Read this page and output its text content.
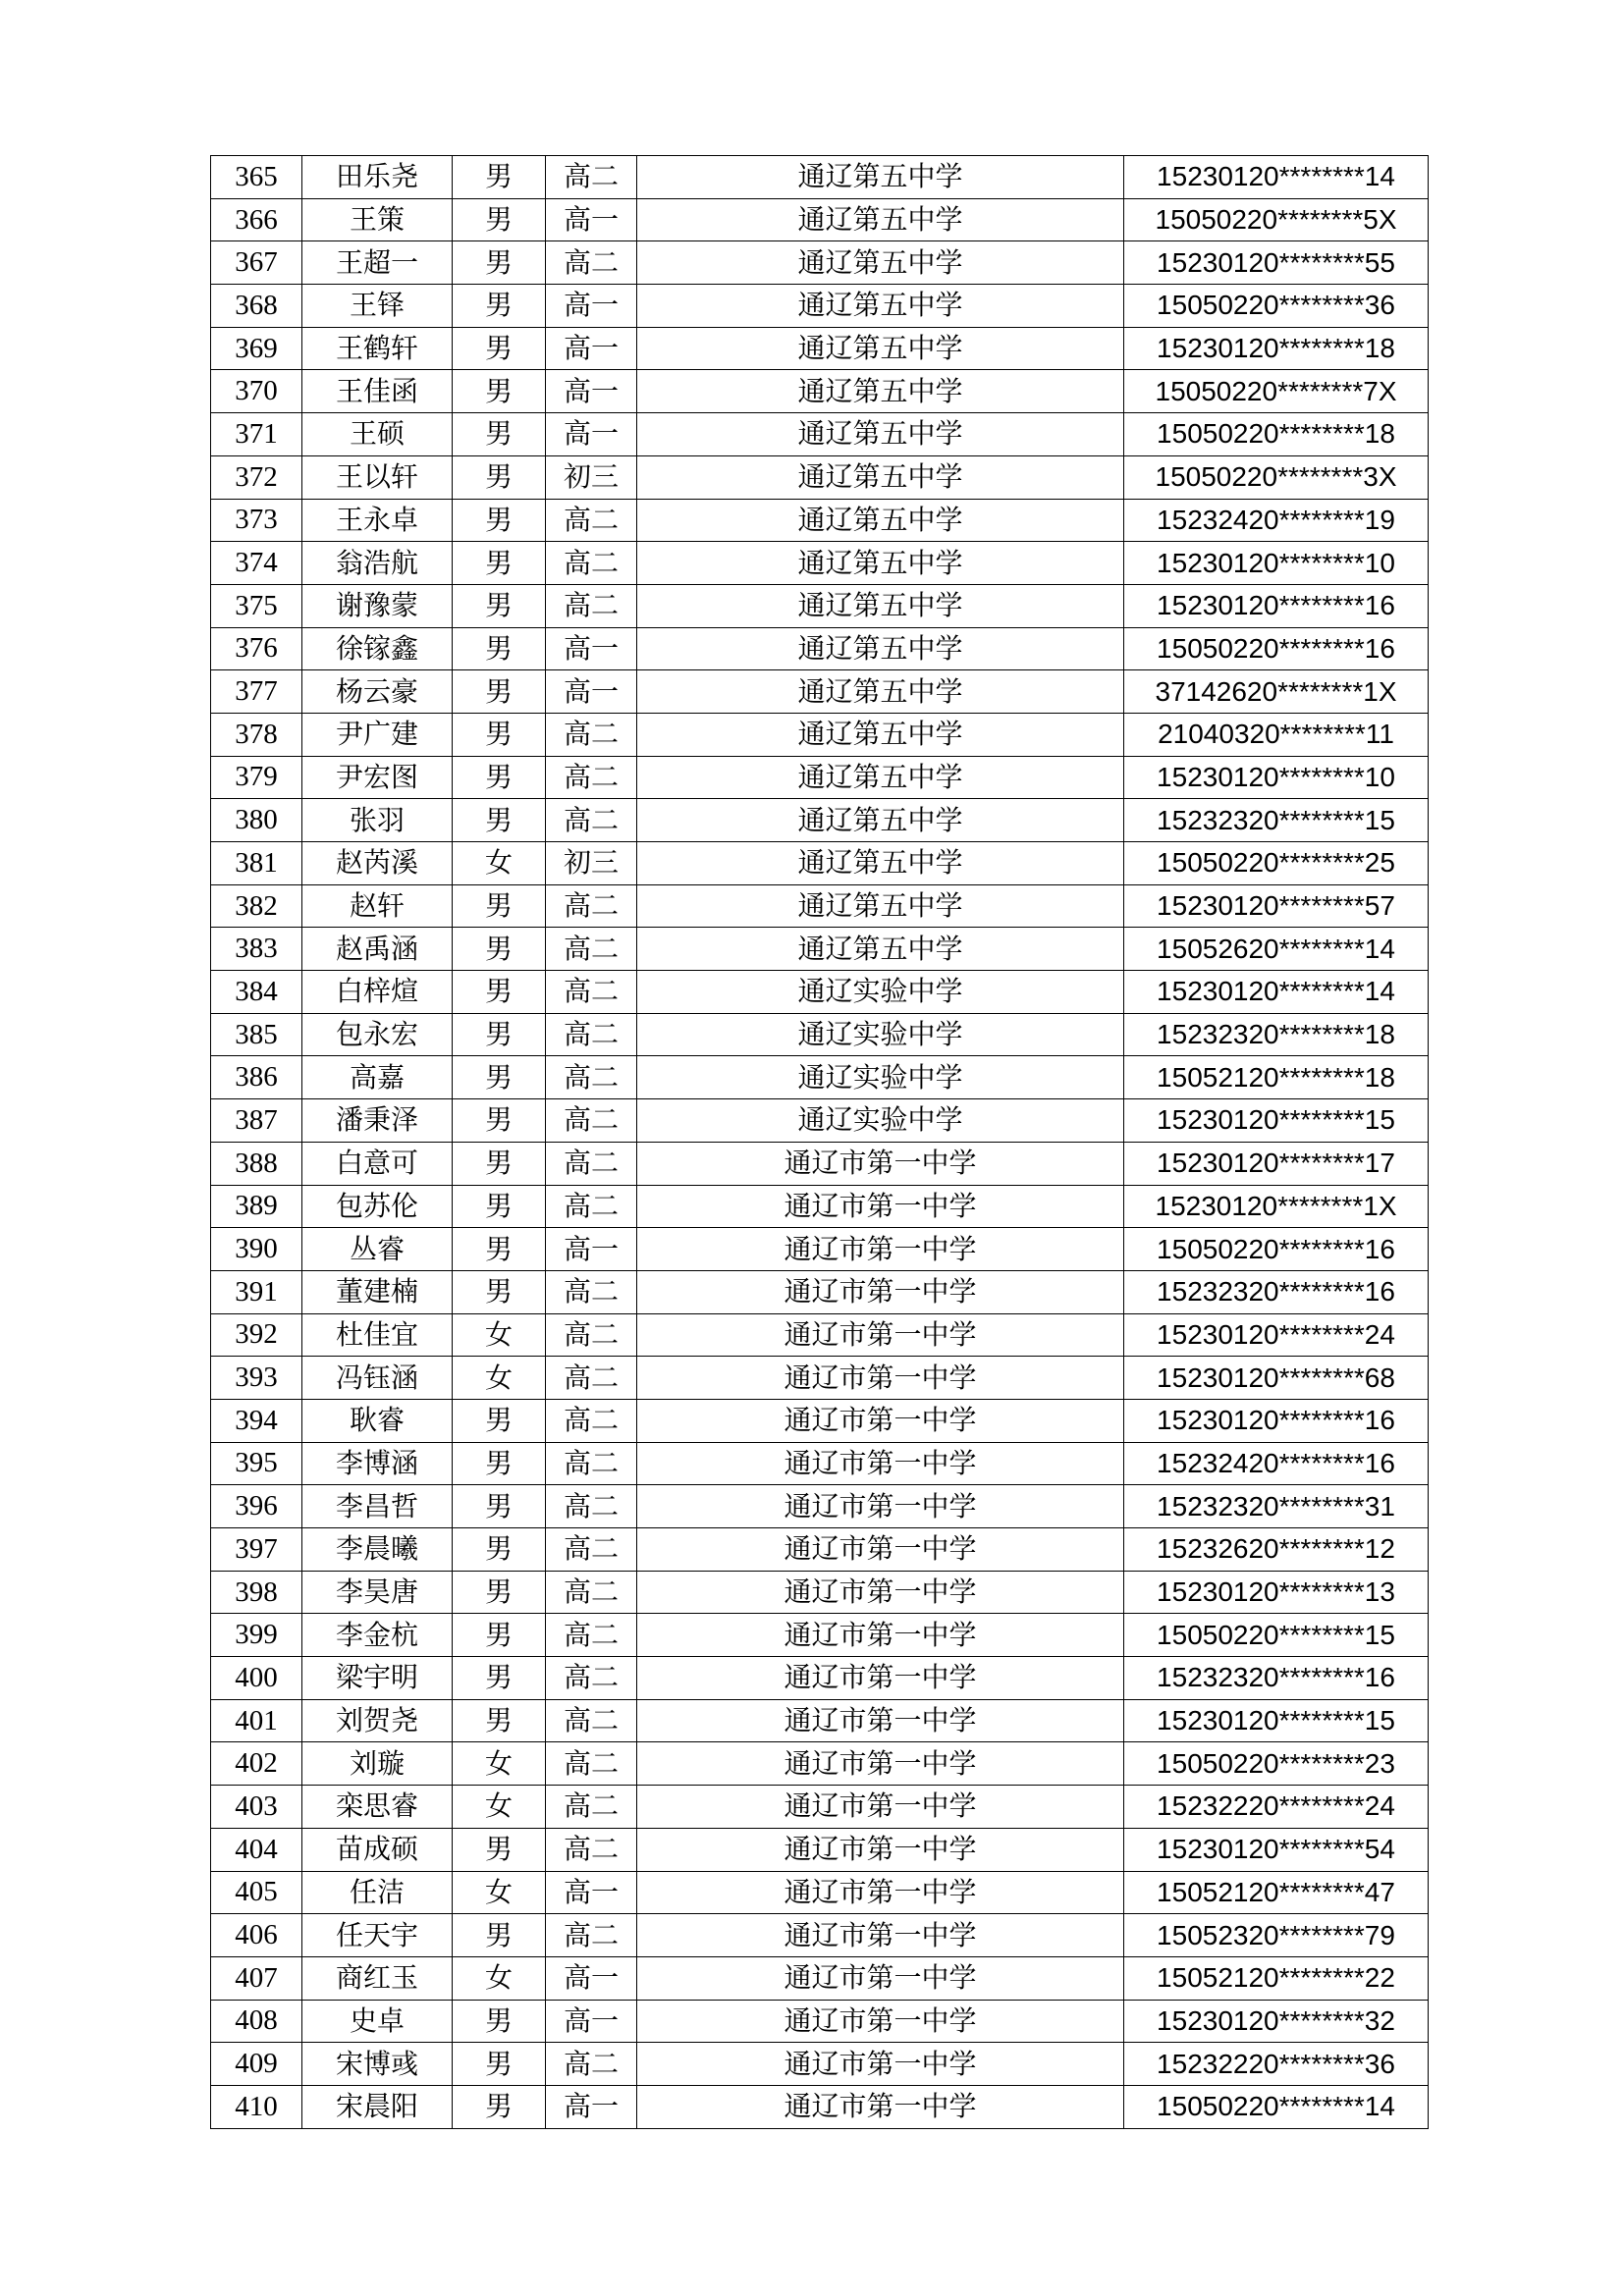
365	田乐尧	男	高二	通辽第五中学	15230120********14
366	王策	男	高一	通辽第五中学	15050220********5X
367	王超一	男	高二	通辽第五中学	15230120********55
368	王铎	男	高一	通辽第五中学	15050220********36
369	王鹤轩	男	高一	通辽第五中学	15230120********18
370	王佳函	男	高一	通辽第五中学	15050220********7X
371	王硕	男	高一	通辽第五中学	15050220********18
372	王以轩	男	初三	通辽第五中学	15050220********3X
373	王永卓	男	高二	通辽第五中学	15232420********19
374	翁浩航	男	高二	通辽第五中学	15230120********10
375	谢豫蒙	男	高二	通辽第五中学	15230120********16
376	徐镓鑫	男	高一	通辽第五中学	15050220********16
377	杨云豪	男	高一	通辽第五中学	37142620********1X
378	尹广建	男	高二	通辽第五中学	21040320********11
379	尹宏图	男	高二	通辽第五中学	15230120********10
380	张羽	男	高二	通辽第五中学	15232320********15
381	赵芮溪	女	初三	通辽第五中学	15050220********25
382	赵轩	男	高二	通辽第五中学	15230120********57
383	赵禹涵	男	高二	通辽第五中学	15052620********14
384	白梓煊	男	高二	通辽实验中学	15230120********14
385	包永宏	男	高二	通辽实验中学	15232320********18
386	高嘉	男	高二	通辽实验中学	15052120********18
387	潘秉泽	男	高二	通辽实验中学	15230120********15
388	白意可	男	高二	通辽市第一中学	15230120********17
389	包苏伦	男	高二	通辽市第一中学	15230120********1X
390	丛睿	男	高一	通辽市第一中学	15050220********16
391	董建楠	男	高二	通辽市第一中学	15232320********16
392	杜佳宜	女	高二	通辽市第一中学	15230120********24
393	冯钰涵	女	高二	通辽市第一中学	15230120********68
394	耿睿	男	高二	通辽市第一中学	15230120********16
395	李博涵	男	高二	通辽市第一中学	15232420********16
396	李昌哲	男	高二	通辽市第一中学	15232320********31
397	李晨曦	男	高二	通辽市第一中学	15232620********12
398	李昊唐	男	高二	通辽市第一中学	15230120********13
399	李金杭	男	高二	通辽市第一中学	15050220********15
400	梁宇明	男	高二	通辽市第一中学	15232320********16
401	刘贺尧	男	高二	通辽市第一中学	15230120********15
402	刘璇	女	高二	通辽市第一中学	15050220********23
403	栾思睿	女	高二	通辽市第一中学	15232220********24
404	苗成硕	男	高二	通辽市第一中学	15230120********54
405	任洁	女	高一	通辽市第一中学	15052120********47
406	任天宇	男	高二	通辽市第一中学	15052320********79
407	商红玉	女	高一	通辽市第一中学	15052120********22
408	史卓	男	高一	通辽市第一中学	15230120********32
409	宋博彧	男	高二	通辽市第一中学	15232220********36
410	宋晨阳	男	高一	通辽市第一中学	15050220********14
